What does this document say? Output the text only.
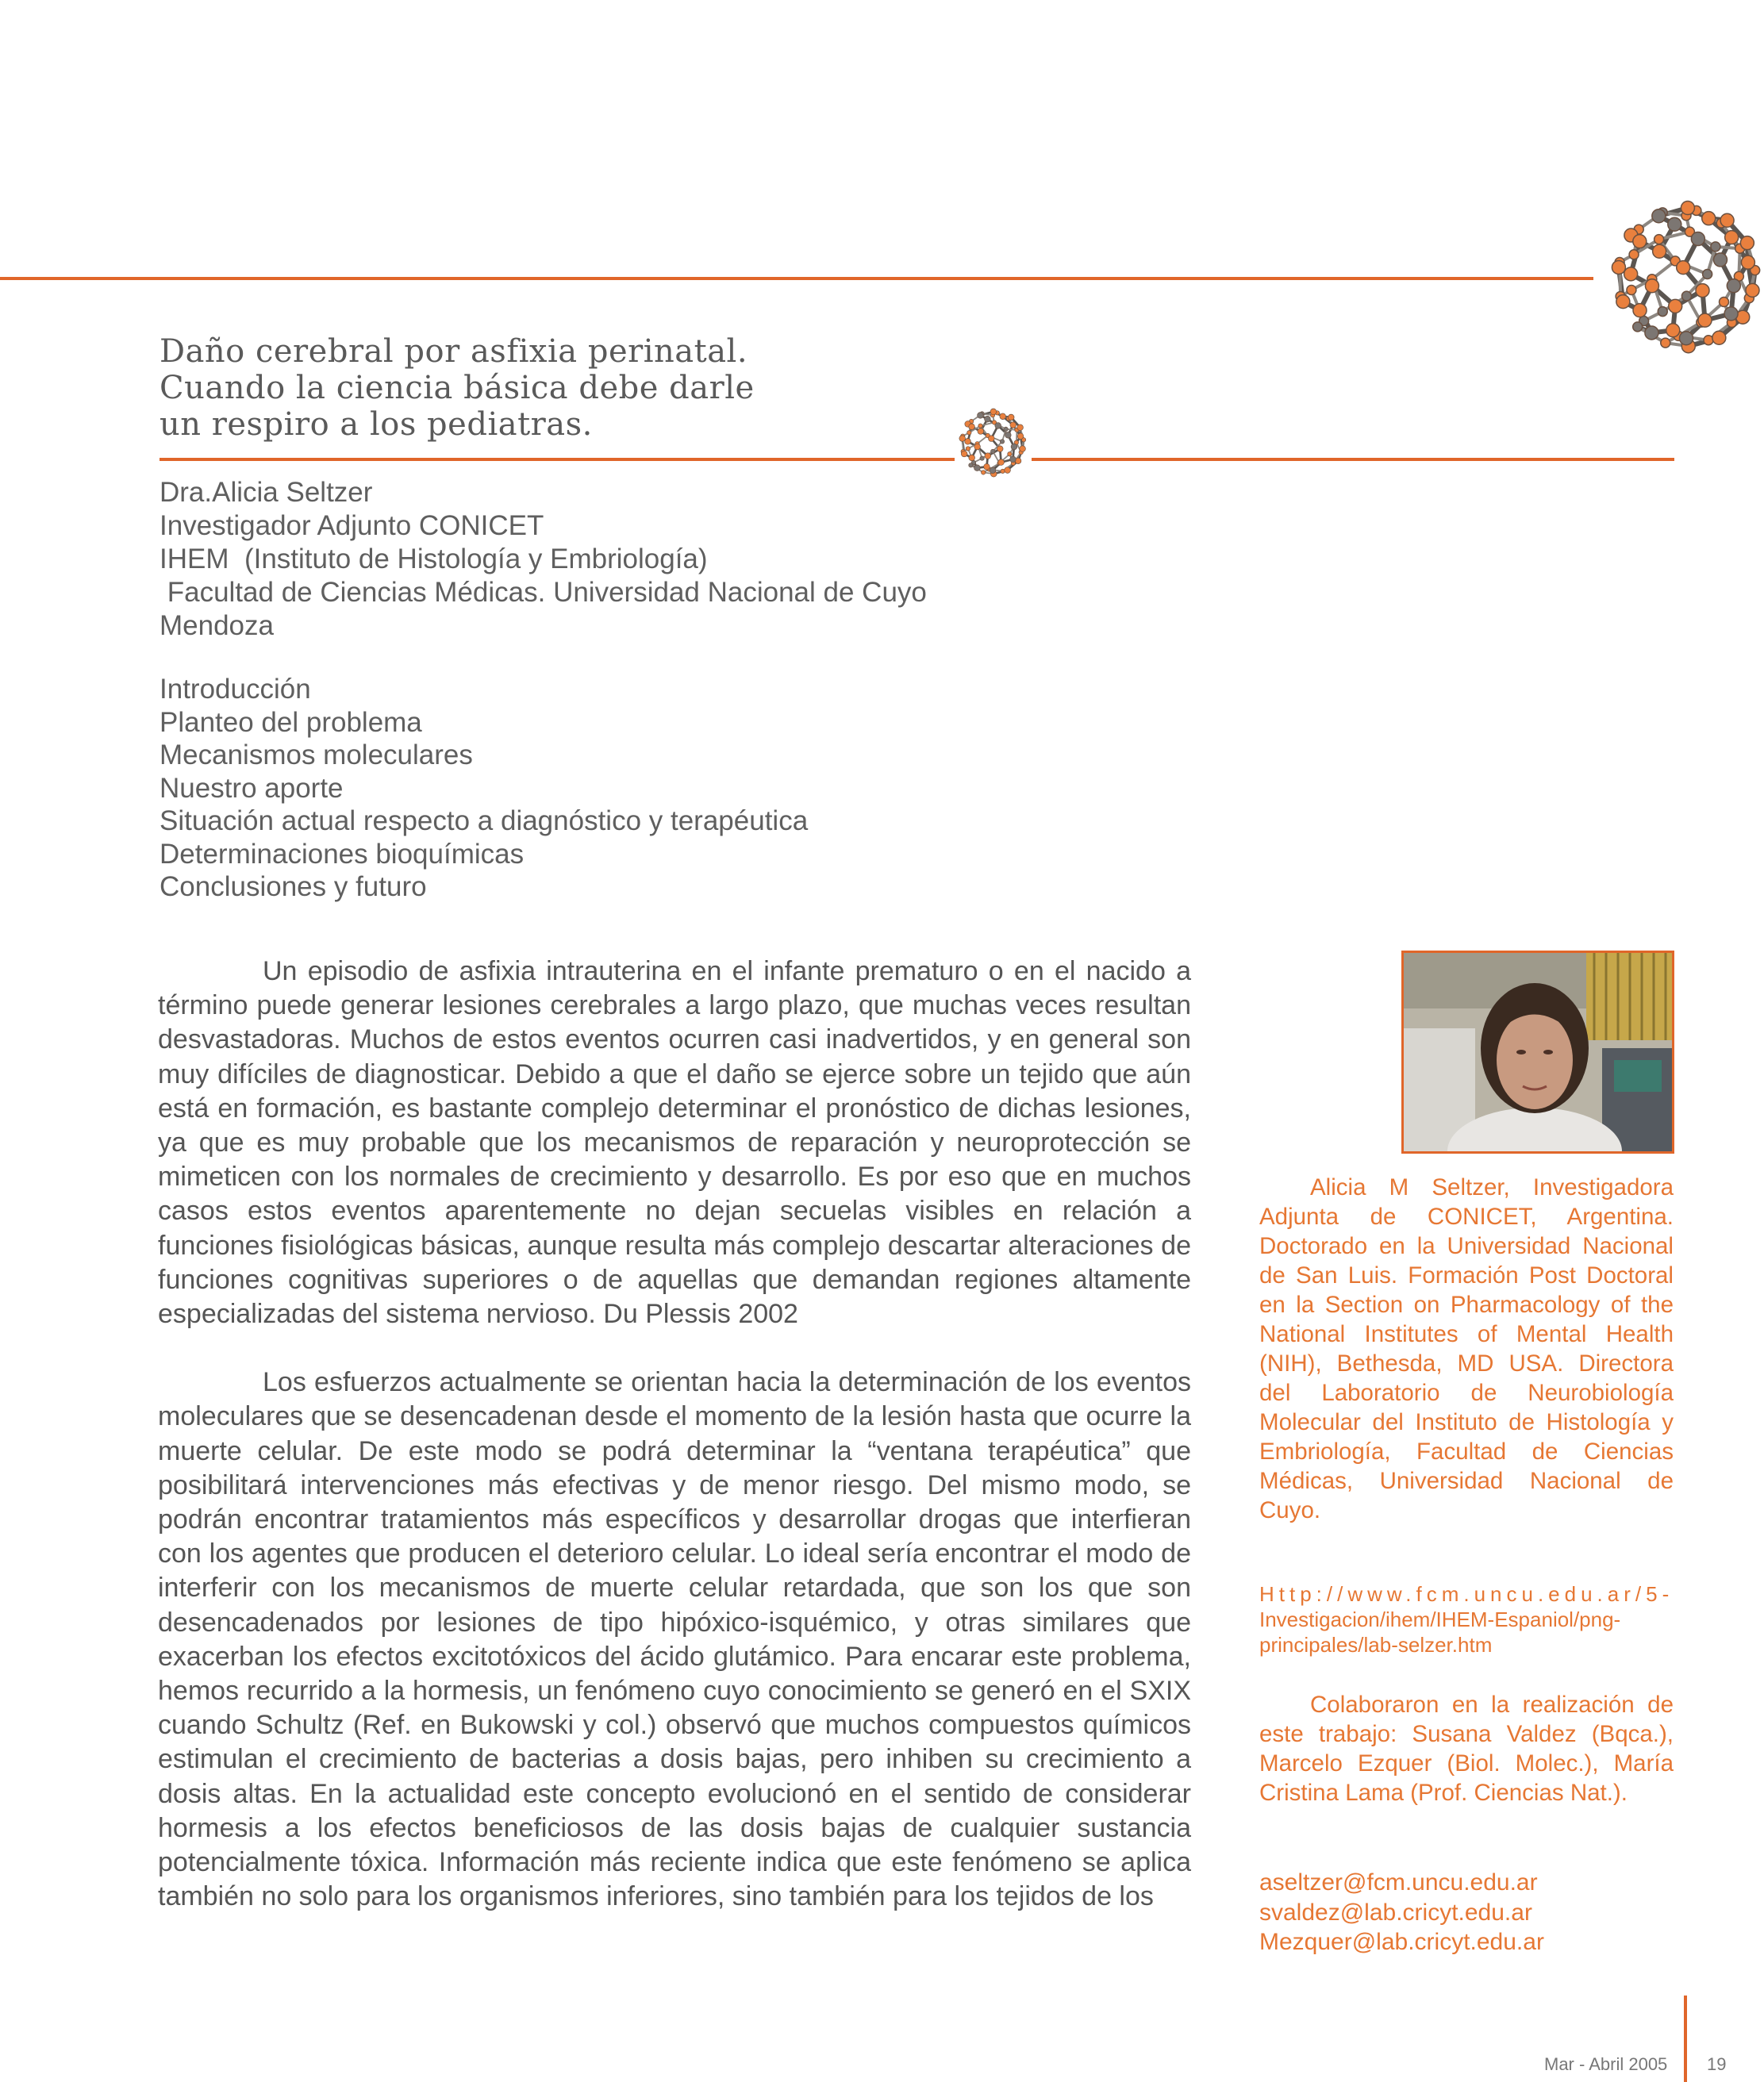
Daño cerebral por asfixia perinatal.
Cuando la ciencia básica debe darle
un respiro a los pediatras.
Dra.Alicia Seltzer
Investigador Adjunto CONICET
IHEM  (Instituto de Histología y Embriología)
Facultad de Ciencias Médicas. Universidad Nacional de Cuyo
Mendoza
Introducción
Planteo del problema
Mecanismos moleculares
Nuestro aporte
Situación actual respecto a diagnóstico y terapéutica
Determinaciones bioquímicas
Conclusiones y futuro

Un episodio de asfixia intrauterina en el infante prematuro o en el nacido a término puede generar lesiones cerebrales a largo plazo, que muchas veces resultan desvastadoras. Muchos de estos eventos ocurren casi inadvertidos, y en general son muy difíciles de diagnosticar. Debido a que el daño se ejerce sobre un tejido que aún está en formación, es bastante complejo determinar el pronóstico de dichas lesiones, ya que es muy probable que los mecanismos de reparación y neuroprotección se mimeticen con los normales de crecimiento y desarrollo. Es por eso que en muchos casos estos eventos aparentemente no dejan secuelas visibles en relación a funciones fisiológicas básicas, aunque resulta más complejo descartar alteraciones de funciones cognitivas superiores o de aquellas que demandan regiones altamente especializadas del sistema nervioso. Du Plessis 2002

Los esfuerzos actualmente se orientan hacia la determinación de los eventos moleculares que se desencadenan desde el momento de la lesión hasta que ocurre la muerte celular. De este modo se podrá determinar la “ventana terapéutica” que posibilitará intervenciones más efectivas y de menor riesgo. Del mismo modo, se podrán encontrar tratamientos más específicos y desarrollar drogas que interfieran con los agentes que producen el deterioro celular. Lo ideal sería encontrar el modo de interferir con los mecanismos de muerte celular retardada, que son los que son desencadenados por lesiones de tipo hipóxico-isquémico, y otras similares que exacerban los efectos excitotóxicos del ácido glutámico. Para encarar este problema, hemos recurrido a la hormesis, un fenómeno cuyo conocimiento se generó en el SXIX cuando Schultz (Ref. en Bukowski y col.) observó que muchos compuestos químicos estimulan el crecimiento de bacterias a dosis bajas, pero inhiben su crecimiento a dosis altas. En la actualidad este concepto evolucionó en el sentido de considerar hormesis a los efectos beneficiosos de las dosis bajas de cualquier sustancia potencialmente tóxica. Información más reciente indica que este fenómeno se aplica también no solo para los organismos inferiores, sino también para los tejidos de los

Alicia M Seltzer, Investigadora Adjunta de CONICET, Argentina. Doctorado en la Universidad Nacional de San Luis. Formación Post Doctoral en la Section on Pharmacology of the National Institutes of Mental Health (NIH), Bethesda, MD USA. Directora del Laboratorio de Neurobiología Molecular del Instituto de Histología y Embriología, Facultad de Ciencias Médicas, Universidad Nacional de Cuyo.

Http://www.fcm.uncu.edu.ar/5-
Investigacion/ihem/IHEM-Espaniol/png-
principales/lab-selzer.htm

Colaboraron en la realización de este trabajo: Susana Valdez (Bqca.), Marcelo Ezquer (Biol. Molec.), María Cristina Lama (Prof. Ciencias Nat.).

aseltzer@fcm.uncu.edu.ar
svaldez@lab.cricyt.edu.ar
Mezquer@lab.cricyt.edu.ar
Mar - Abril 2005 19
